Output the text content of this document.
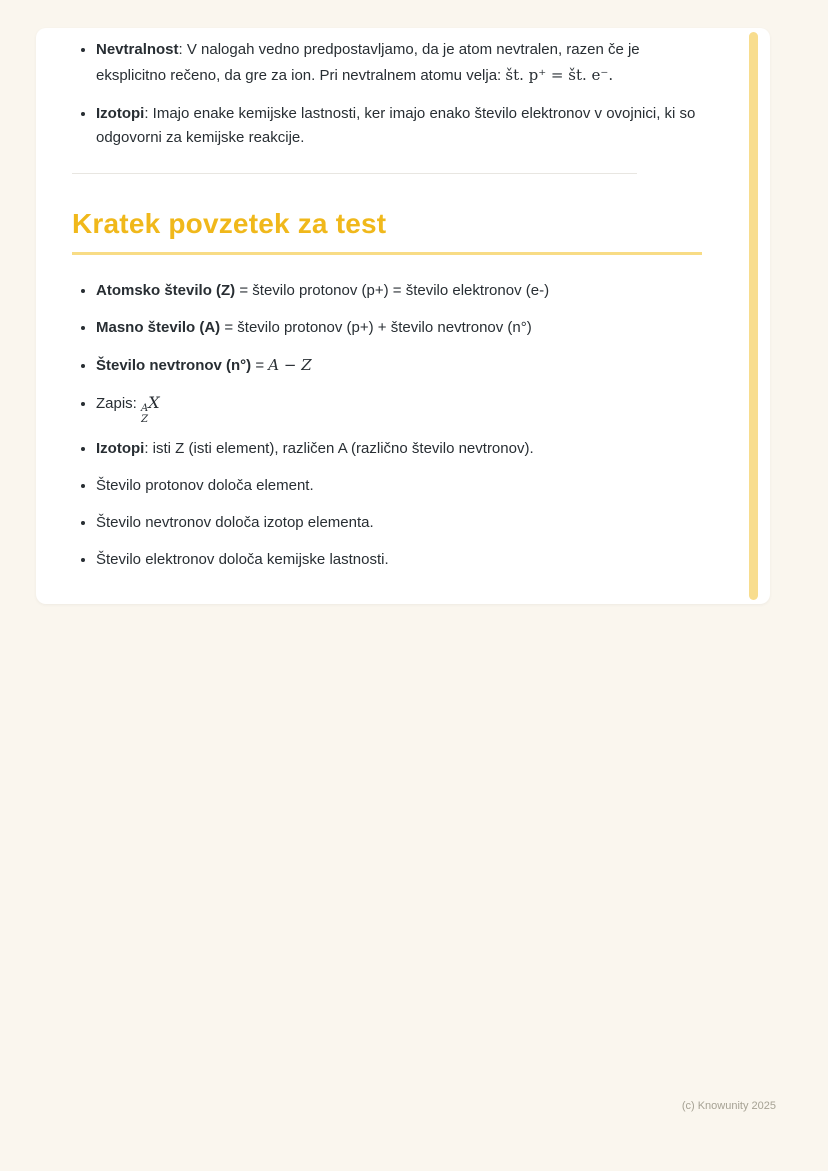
• Nevtralnost: V nalogah vedno predpostavljamo, da je atom nevtralen, razen če je eksplicitno rečeno, da gre za ion. Pri nevtralnem atomu velja: št. p⁺ = št. e⁻.
• Izotopi: Imajo enake kemijske lastnosti, ker imajo enako število elektronov v ovojnici, ki so odgovorni za kemijske reakcije.
Kratek povzetek za test
• Atomsko število (Z) = število protonov (p+) = število elektronov (e-)
• Masno število (A) = število protonov (p+) + število nevtronov (n°)
• Število nevtronov (n°) = A − Z
• Zapis: A
Z
X
• Izotopi: isti Z (isti element), različen A (različno število nevtronov).
• Število protonov določa element.
• Število nevtronov določa izotop elementa.
• Število elektronov določa kemijske lastnosti.
(c) Knowunity 2025
